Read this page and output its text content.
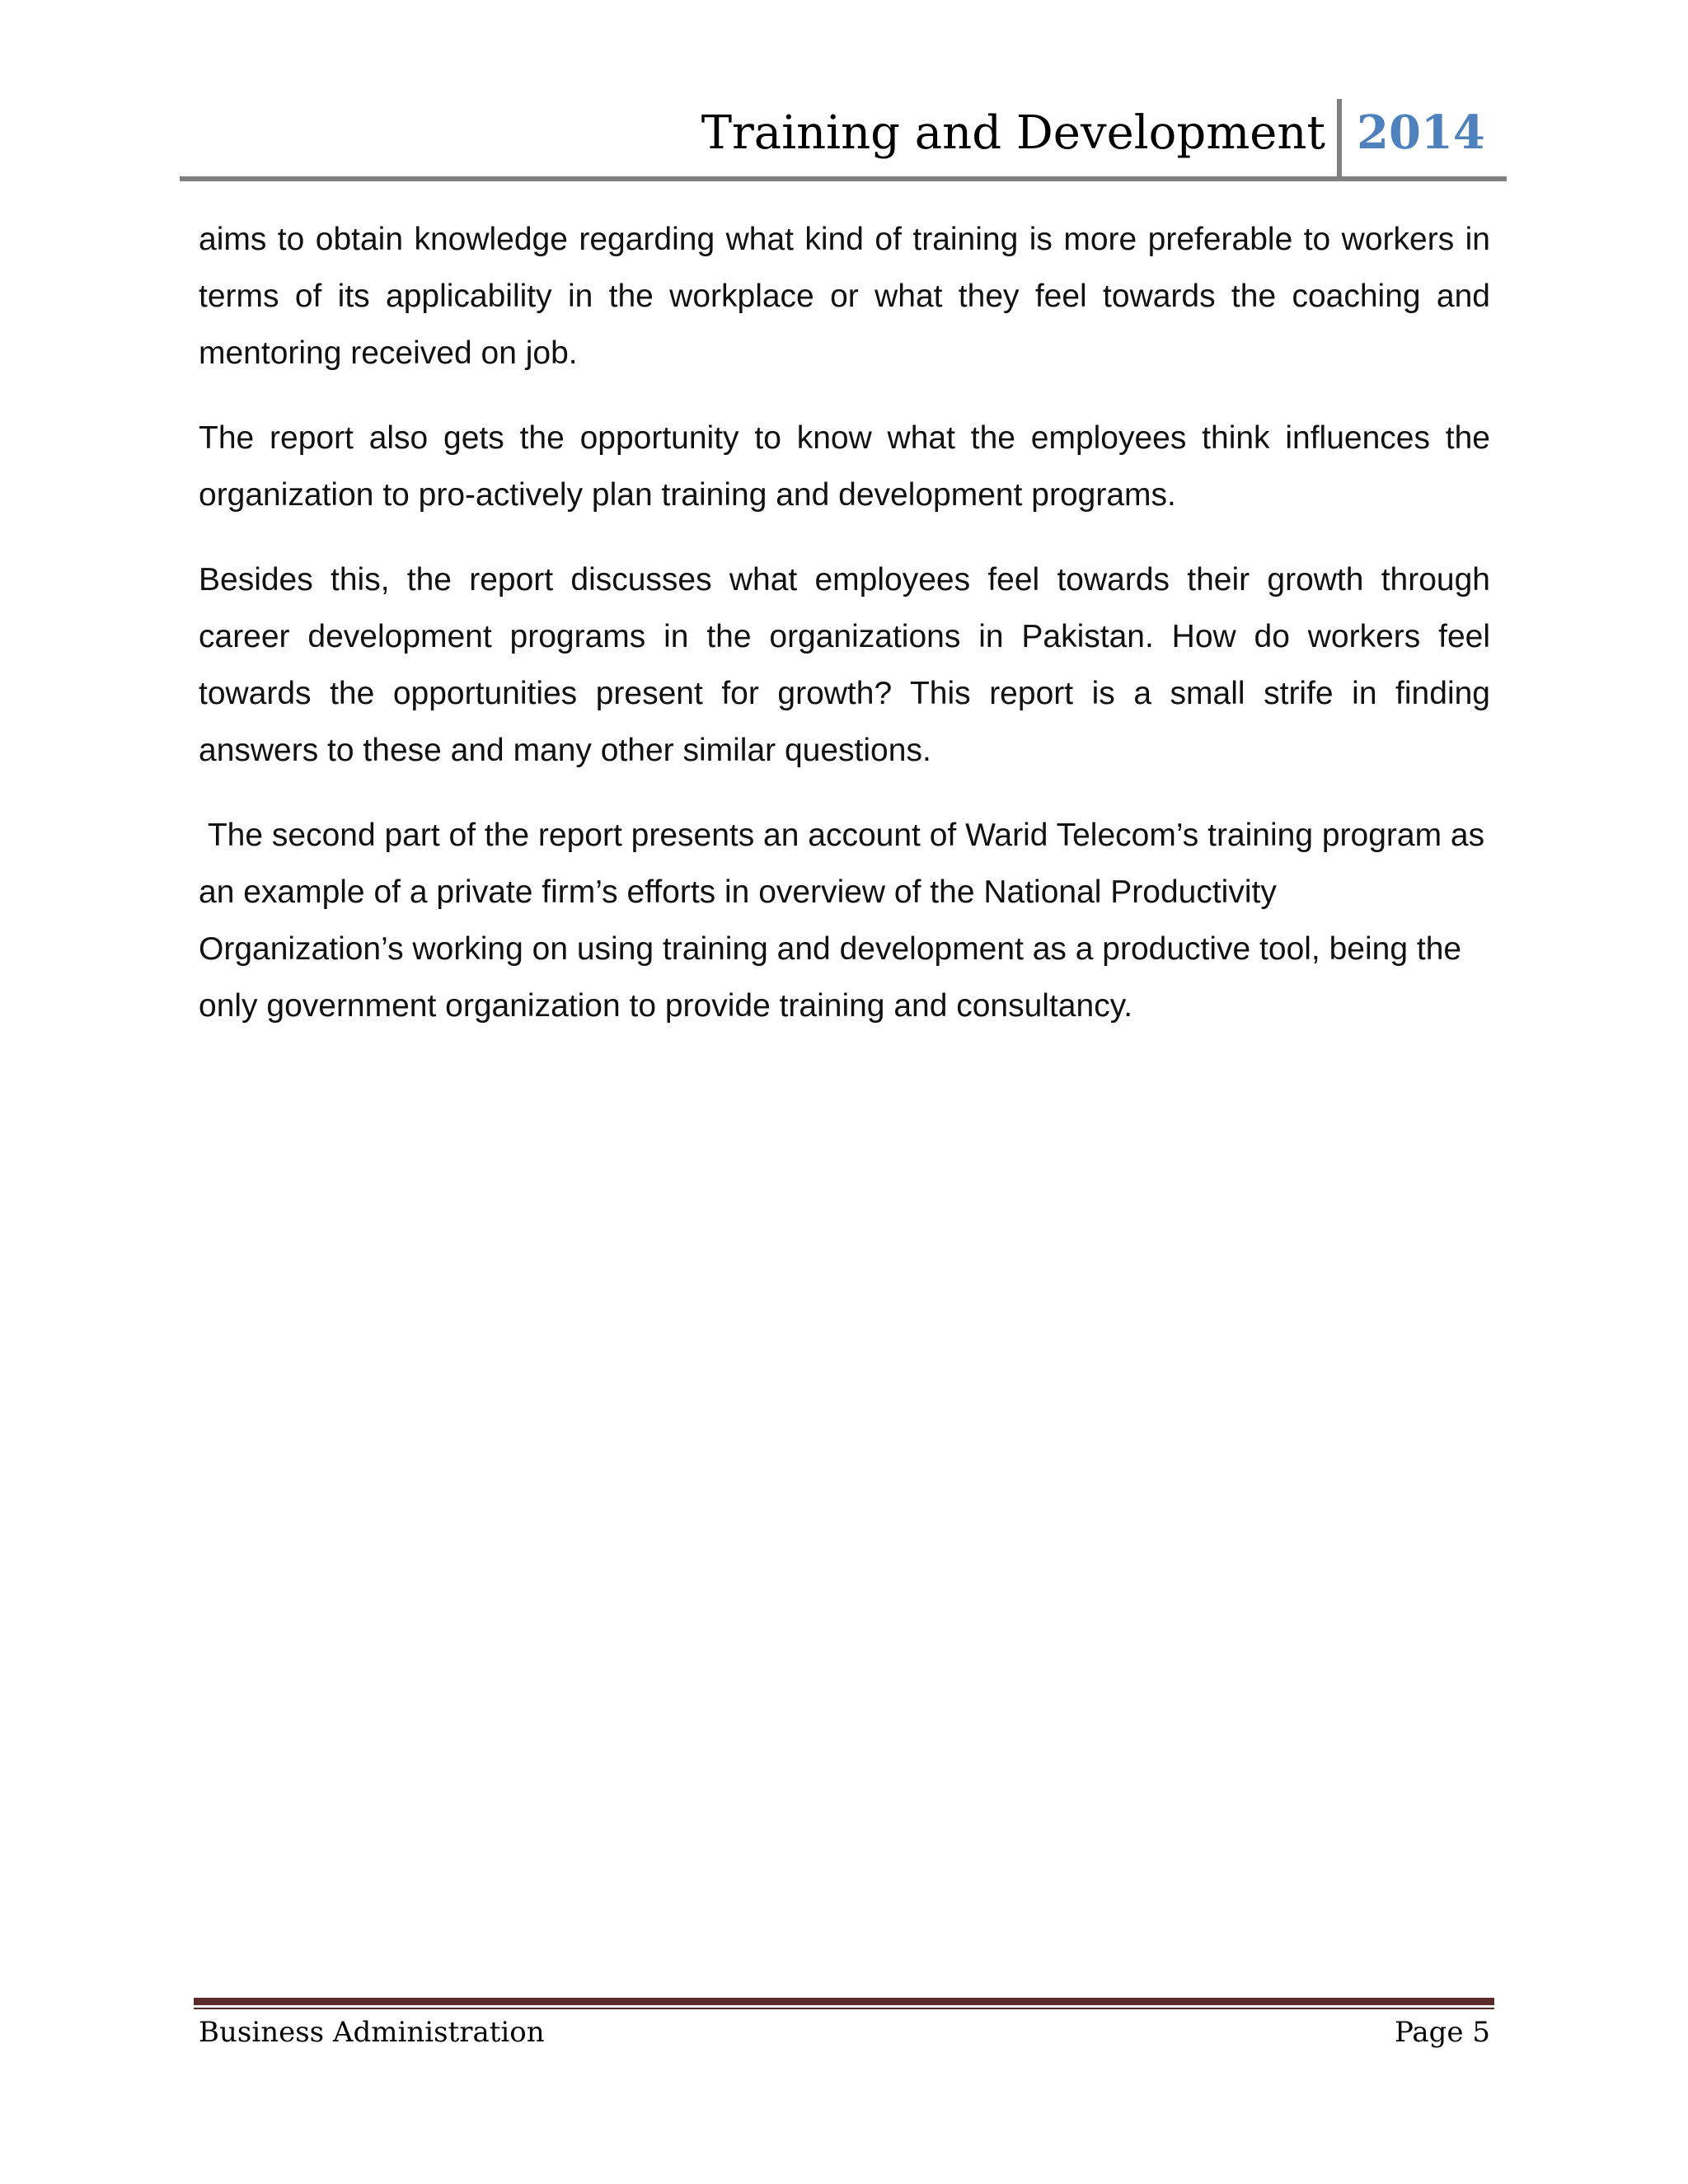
Training and Development 2014

aims to obtain knowledge regarding what kind of training is more preferable to workers in terms of its applicability in the workplace or what they feel towards the coaching and mentoring received on job.

The report also gets the opportunity to know what the employees think influences the organization to pro-actively plan training and development programs.

Besides this, the report discusses what employees feel towards their growth through career development programs in the organizations in Pakistan. How do workers feel towards the opportunities present for growth? This report is a small strife in finding answers to these and many other similar questions.

The second part of the report presents an account of Warid Telecom’s training program as an example of a private firm’s efforts in overview of the National Productivity Organization’s working on using training and development as a productive tool, being the only government organization to provide training and consultancy.

Business Administration	Page 5
